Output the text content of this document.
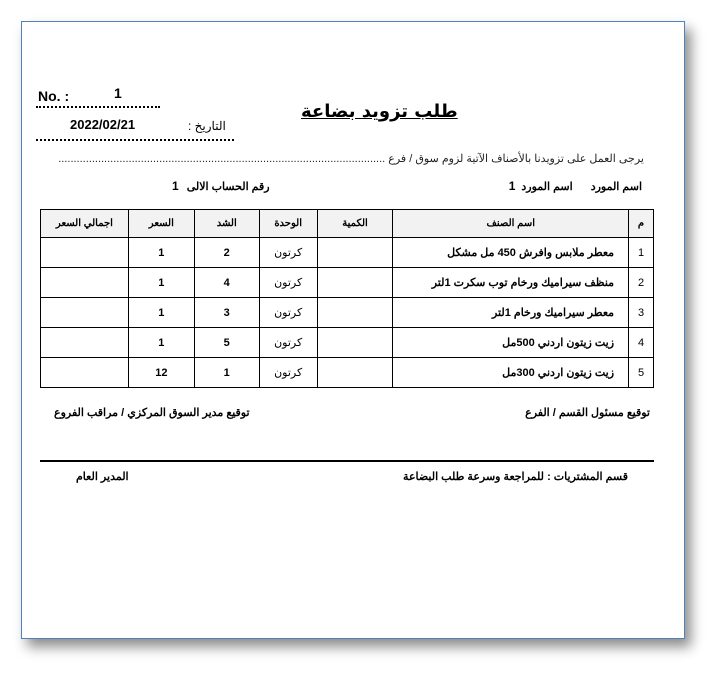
No. :	1
2022/02/21	التاريخ :
طلب تزويد بضاعة
يرجى العمل على تزويدنا بالأصناف الآتية لزوم سوق / فرع ...........................................................................................................
اسم المورداسم المورد1
رقم الحساب الالى1
م	اسم الصنف	الكمية	الوحدة	الشد	السعر	اجمالي السعر
1	معطر ملابس وافرش 450 مل مشكل		كرتون	2	1	
2	منظف سيراميك ورخام توب سكرت 1لتر		كرتون	4	1	
3	معطر سيراميك ورخام 1لتر		كرتون	3	1	
4	زيت زيتون اردني 500مل		كرتون	5	1	
5	زيت زيتون اردني 300مل		كرتون	1	12	
توقيع مسئول القسم / الفرع
توقيع مدير السوق المركزي / مراقب الفروع
قسم المشتريات : للمراجعة وسرعة طلب البضاعة
المدير العام
